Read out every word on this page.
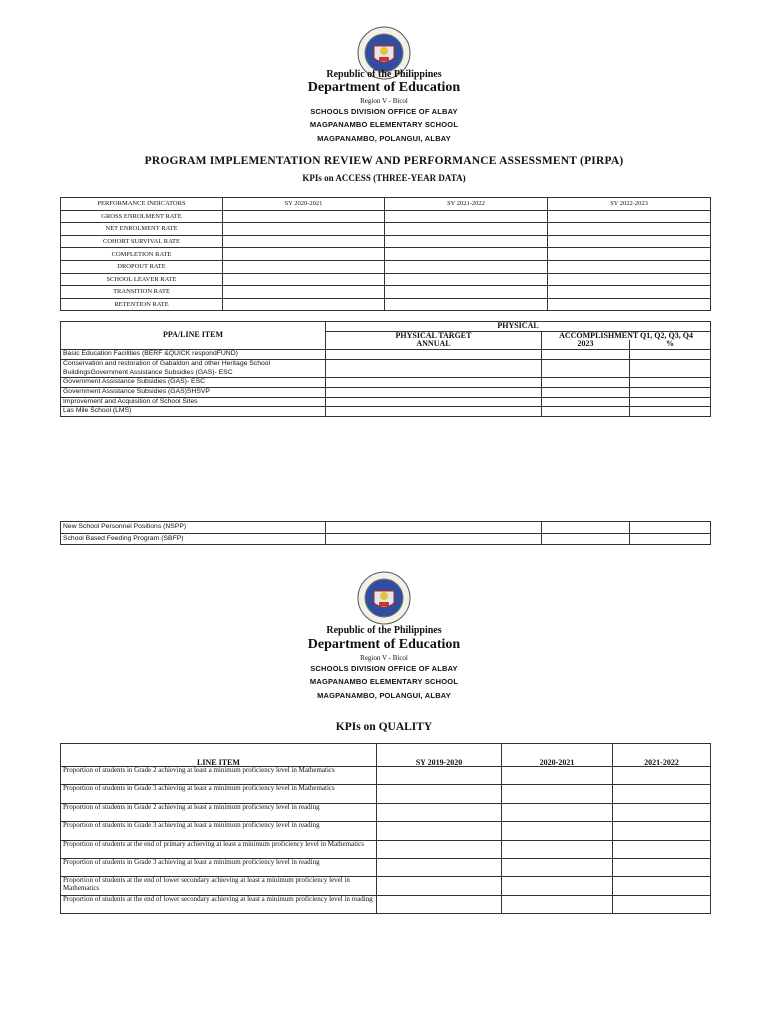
Republic of the Philippines
Department of Education
Region V - Bicol
SCHOOLS DIVISION OFFICE OF ALBAY
MAGPANAMBO ELEMENTARY SCHOOL
MAGPANAMBO, POLANGUI, ALBAY
PROGRAM IMPLEMENTATION REVIEW AND PERFORMANCE ASSESSMENT (PIRPA)
KPIs on ACCESS (THREE-YEAR DATA)
PERFORMANCE INDICATORS	SY 2020-2021	SY 2021-2022	SY 2022-2023
GROSS ENROLMENT RATE			
NET ENROLMENT RATE			
COHORT SURVIVAL RATE			
COMPLETION RATE			
DROPOUT RATE			
SCHOOL LEAVER RATE			
TRANSITION RATE			
RETENTION RATE			
PPA/LINE ITEM	PHYSICAL		
	PHYSICAL TARGET	ACCOMPLISHMENT Q1, Q2, Q3, Q4	
	ANNUAL	2023	%
Basic Education Facilities (BERF &QUICK respondFUND)			
Conservation and restoration of Gabaldon and other Heritage School			
BuildingsGovernment Assistance Subsidies (GAS)- ESC			
Government Assistance Subsidies (GAS)- ESC			
Government Assistance Subsidies (GAS)SHSVP			
Improvement and Acquisition of School Sites			
Las Mile School (LMS)			
New School Personnel Positions (NSPP)			
School Based Feeding Program (SBFP)			
Republic of the Philippines
Department of Education
Region V - Bicol
SCHOOLS DIVISION OFFICE OF ALBAY
MAGPANAMBO ELEMENTARY SCHOOL
MAGPANAMBO, POLANGUI, ALBAY
KPIs on QUALITY
LINE ITEM	SY 2019-2020	2020-2021	2021-2022
Proportion of students in Grade 2 achieving at least a minimum proficiency level in Mathematics			
Proportion of students in Grade 3 achieving at least a minimum proficiency level in Mathematics			
Proportion of students in Grade 2 achieving at least a minimum proficiency level in reading			
Proportion of students in Grade 3 achieving at least a minimum proficiency level in reading			
Proportion of students at the end of primary achieving at least a minimum proficiency level in Mathematics			
Proportion of students in Grade 3 achieving at least a minimum proficiency level in reading			
Proportion of students at the end of lower secondary achieving at least a minimum proficiency level in Mathematics			
Proportion of students at the end of lower secondary achieving at least a minimum proficiency level in reading			
